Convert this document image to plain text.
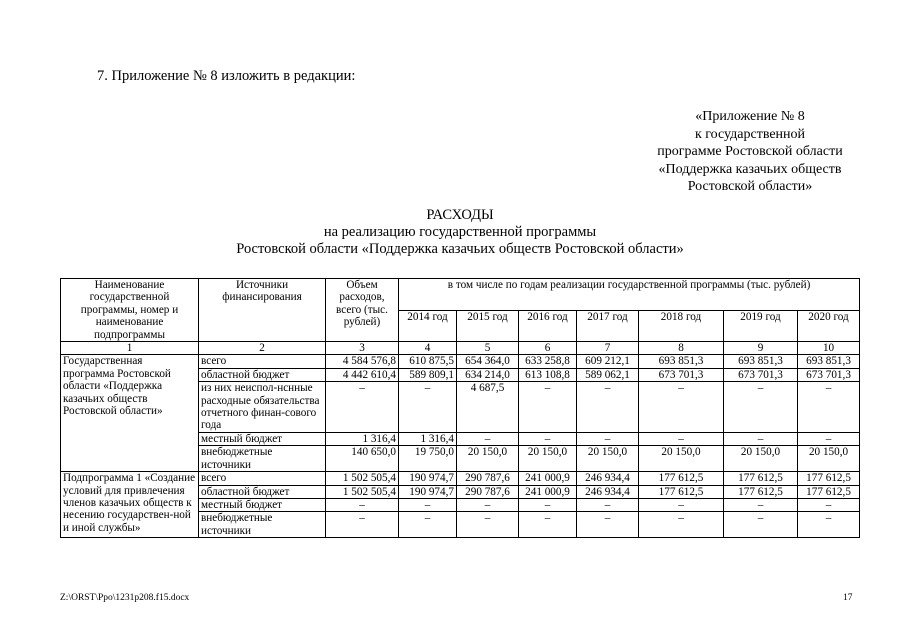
7. Приложение № 8 изложить в редакции:
«Приложение № 8
к государственной
программе Ростовской области
«Поддержка казачьих обществ
Ростовской области»
РАСХОДЫ
на реализацию государственной программы
Ростовской области «Поддержка казачьих обществ Ростовской области»
Наименование государственной программы, номер и наименование подпрограммы	Источники финансирования	Объем расходов, всего (тыс. рублей)	в том числе по годам реализации государственной программы (тыс. рублей)						
			2014 год	2015 год	2016 год	2017 год	2018 год	2019 год	2020 год
1	2	3	4	5	6	7	8	9	10
Государственная программа Ростовской области «Поддержка казачьих обществ Ростовской области»	всего	4 584 576,8	610 875,5	654 364,0	633 258,8	609 212,1	693 851,3	693 851,3	693 851,3
	областной бюджет	4 442 610,4	589 809,1	634 214,0	613 108,8	589 062,1	673 701,3	673 701,3	673 701,3
	из них неиспол-нснные расходные обязательства отчетного финан-сового года	–	–	4 687,5	–	–	–	–	–
	местный бюджет	1 316,4	1 316,4	–	–	–	–	–	–
	внебюджетные источники	140 650,0	19 750,0	20 150,0	20 150,0	20 150,0	20 150,0	20 150,0	20 150,0
Подпрограмма 1 «Создание условий для привлечения членов казачьих обществ к несению государствен-ной и иной службы»	всего	1 502 505,4	190 974,7	290 787,6	241 000,9	246 934,4	177 612,5	177 612,5	177 612,5
	областной бюджет	1 502 505,4	190 974,7	290 787,6	241 000,9	246 934,4	177 612,5	177 612,5	177 612,5
	местный бюджет	–	–	–	–	–	–	–	–
	внебюджетные источники	–	–	–	–	–	–	–	–
Z:\ORST\Ppo\1231p208.f15.docx	17
